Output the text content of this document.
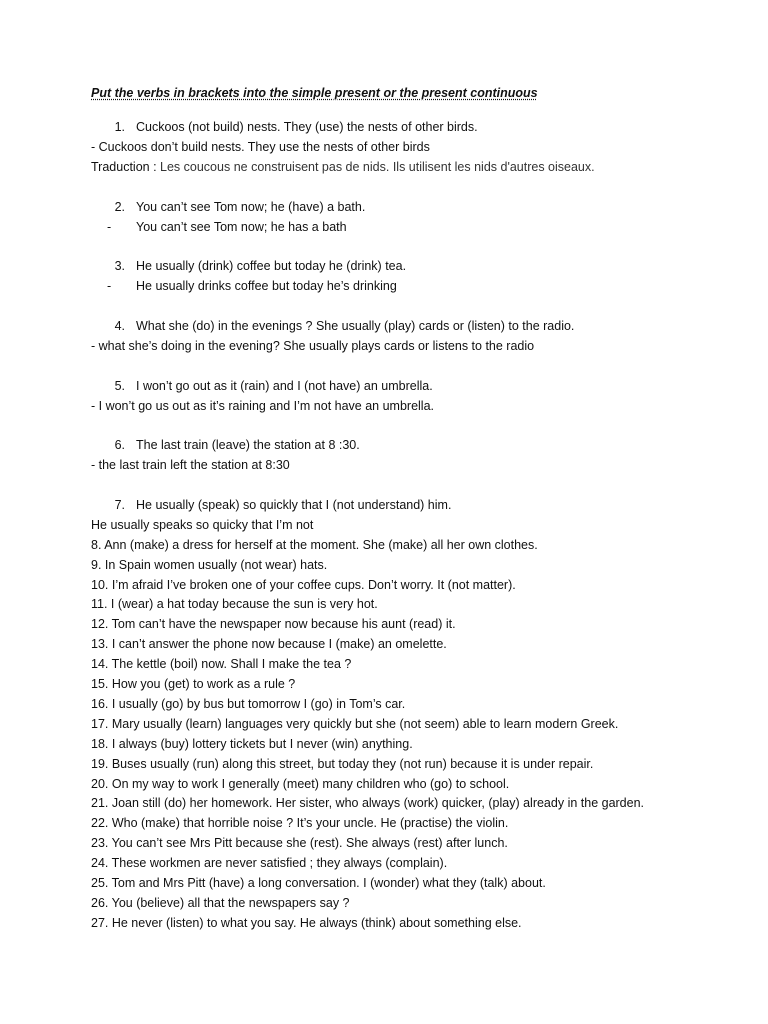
Put the verbs in brackets into the simple present or the present continuous
1. Cuckoos (not build) nests. They (use) the nests of other birds.
- Cuckoos don’t build nests. They use the nests of other birds
Traduction : Les coucous ne construisent pas de nids. Ils utilisent les nids d'autres oiseaux.
2. You can’t see Tom now; he (have) a bath.
- You can’t see Tom now; he has a bath
3. He usually (drink) coffee but today he (drink) tea.
- He usually drinks coffee but today he’s drinking
4. What she (do) in the evenings ? She usually (play) cards or (listen) to the radio.
- what she’s doing in the evening? She usually plays cards or listens to the radio
5. I won’t go out as it (rain) and I (not have) an umbrella.
- I won’t go us out as it’s raining and I’m not have an umbrella.
6. The last train (leave) the station at 8 :30.
- the last train left the station at 8:30
7. He usually (speak) so quickly that I (not understand) him.
He usually speaks so quicky that I’m not
8. Ann (make) a dress for herself at the moment. She (make) all her own clothes.
9. In Spain women usually (not wear) hats.
10. I’m afraid I’ve broken one of your coffee cups. Don’t worry. It (not matter).
11. I (wear) a hat today because the sun is very hot.
12. Tom can’t have the newspaper now because his aunt (read) it.
13. I can’t answer the phone now because I (make) an omelette.
14. The kettle (boil) now. Shall I make the tea ?
15. How you (get) to work as a rule ?
16. I usually (go) by bus but tomorrow I (go) in Tom’s car.
17. Mary usually (learn) languages very quickly but she (not seem) able to learn modern Greek.
18. I always (buy) lottery tickets but I never (win) anything.
19. Buses usually (run) along this street, but today they (not run) because it is under repair.
20. On my way to work I generally (meet) many children who (go) to school.
21. Joan still (do) her homework. Her sister, who always (work) quicker, (play) already in the garden.
22. Who (make) that horrible noise ? It’s your uncle. He (practise) the violin.
23. You can’t see Mrs Pitt because she (rest). She always (rest) after lunch.
24. These workmen are never satisfied ; they always (complain).
25. Tom and Mrs Pitt (have) a long conversation. I (wonder) what they (talk) about.
26. You (believe) all that the newspapers say ?
27. He never (listen) to what you say. He always (think) about something else.
